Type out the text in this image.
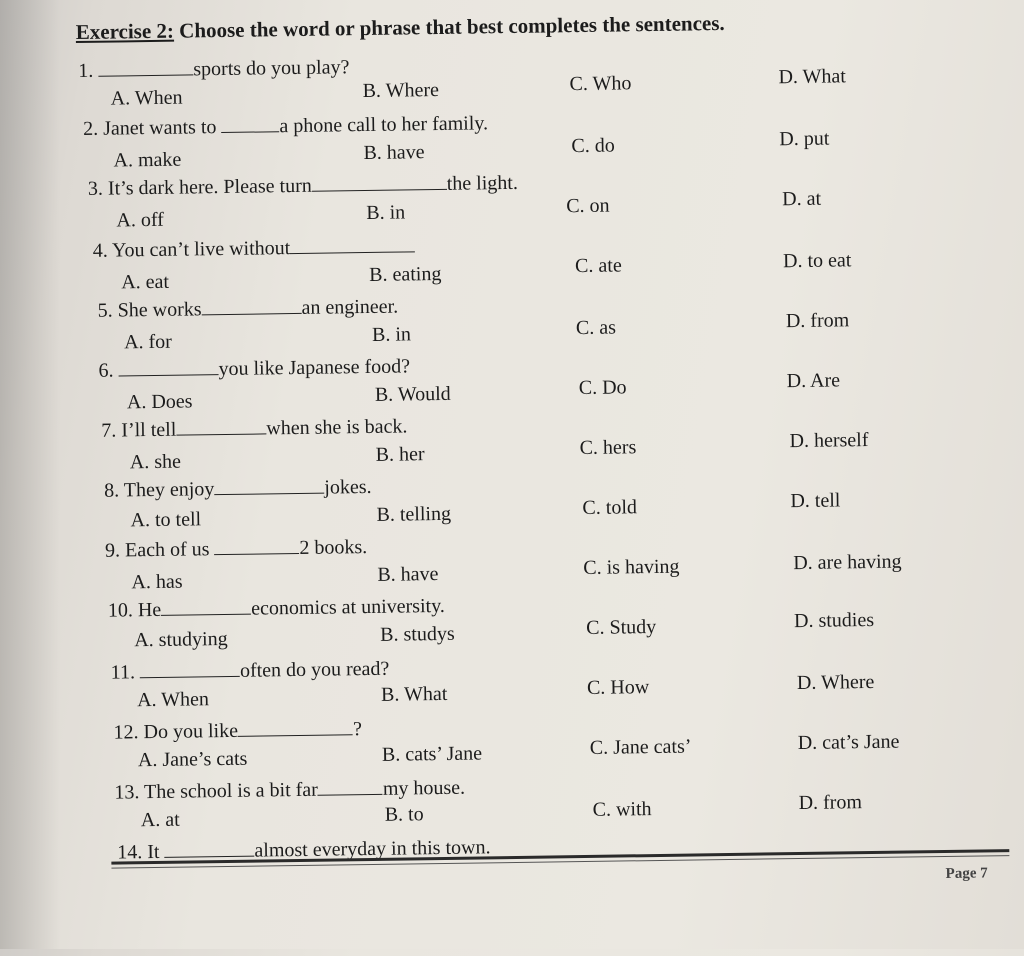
Exercise 2: Choose the word or phrase that best completes the sentences.
1.	sports do you play?
A. When	B. Where	C. Who	D. What
2. Janet wants to	a phone call to her family.
A. make	B. have	C. do	D. put
3. It’s dark here. Please turn	the light.
A. off	B. in	C. on	D. at
4. You can’t live without
A. eat	B. eating	C. ate	D. to eat
5. She works	an engineer.
A. for	B. in	C. as	D. from
6.	you like Japanese food?
A. Does	B. Would	C. Do	D. Are
7. I’ll tell	when she is back.
A. she	B. her	C. hers	D. herself
8. They enjoy	jokes.
A. to tell	B. telling	C. told	D. tell
9. Each of us	2 books.
A. has	B. have	C. is having	D. are having
10. He	economics at university.
A. studying	B. studys	C. Study	D. studies
11.	often do you read?
A. When	B. What	C. How	D. Where
12. Do you like	?
A. Jane’s cats	B. cats’ Jane	C. Jane cats’	D. cat’s Jane
13. The school is a bit far	my house.
A. at	B. to	C. with	D. from
14. It	almost everyday in this town.
Page 7
